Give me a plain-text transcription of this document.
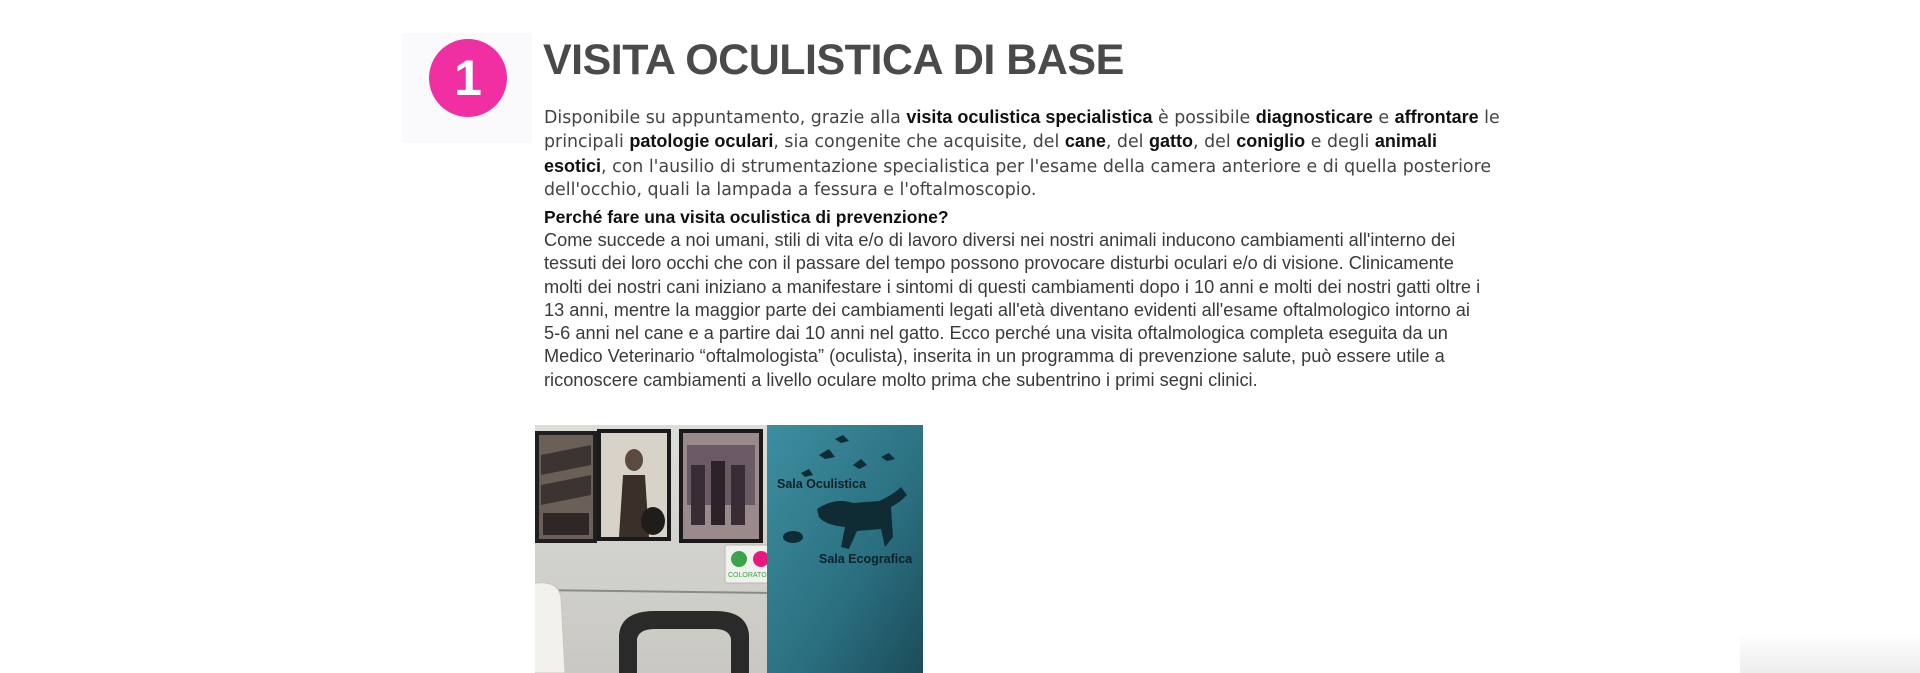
1	VISITA OCULISTICA DI BASE

Disponibile su appuntamento, grazie alla visita oculistica specialistica è possibile diagnosticare e affrontare le principali patologie oculari, sia congenite che acquisite, del cane, del gatto, del coniglio e degli animali esotici, con l'ausilio di strumentazione specialistica per l'esame della camera anteriore e di quella posteriore dell'occhio, quali la lampada a fessura e l'oftalmoscopio.

Perché fare una visita oculistica di prevenzione?

Come succede a noi umani, stili di vita e/o di lavoro diversi nei nostri animali inducono cambiamenti all'interno dei tessuti dei loro occhi che con il passare del tempo possono provocare disturbi oculari e/o di visione. Clinicamente molti dei nostri cani iniziano a manifestare i sintomi di questi cambiamenti dopo i 10 anni e molti dei nostri gatti oltre i 13 anni, mentre la maggior parte dei cambiamenti legati all'età diventano evidenti all'esame oftalmologico intorno ai 5-6 anni nel cane e a partire dai 10 anni nel gatto. Ecco perché una visita oftalmologica completa eseguita da un Medico Veterinario “oftalmologista” (oculista), inserita in un programma di prevenzione salute, può essere utile a riconoscere cambiamenti a livello oculare molto prima che subentrino i primi segni clinici.

COLORATO
Sala Oculistica
Sala Ecografica
